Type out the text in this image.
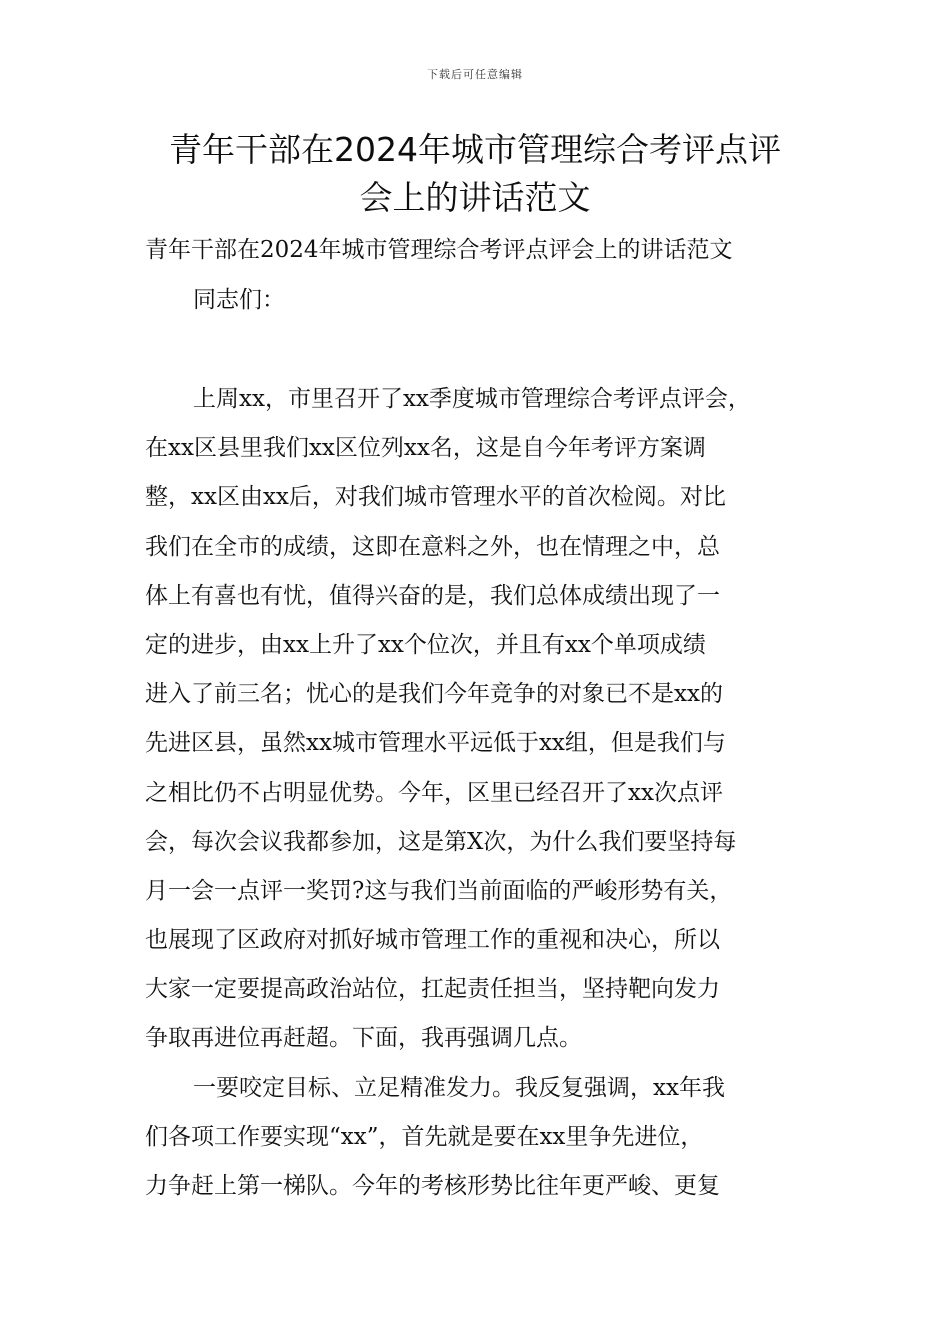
下载后可任意编辑
青年干部在2024年城市管理综合考评点评
会上的讲话范文
青年干部在2024年城市管理综合考评点评会上的讲话范文
同志们：
上周xx，市里召开了xx季度城市管理综合考评点评会，
在xx区县里我们xx区位列xx名，这是自今年考评方案调
整，xx区由xx后，对我们城市管理水平的首次检阅。对比
我们在全市的成绩，这即在意料之外，也在情理之中，总
体上有喜也有忧，值得兴奋的是，我们总体成绩出现了一
定的进步，由xx上升了xx个位次，并且有xx个单项成绩
进入了前三名；忧心的是我们今年竞争的对象已不是xx的
先进区县，虽然xx城市管理水平远低于xx组，但是我们与
之相比仍不占明显优势。今年，区里已经召开了xx次点评
会，每次会议我都参加，这是第X次，为什么我们要坚持每
月一会一点评一奖罚?这与我们当前面临的严峻形势有关，
也展现了区政府对抓好城市管理工作的重视和决心，所以
大家一定要提高政治站位，扛起责任担当，坚持靶向发力
争取再进位再赶超。下面，我再强调几点。
一要咬定目标、立足精准发力。我反复强调，xx年我
们各项工作要实现“xx”，首先就是要在xx里争先进位，
力争赶上第一梯队。今年的考核形势比往年更严峻、更复
